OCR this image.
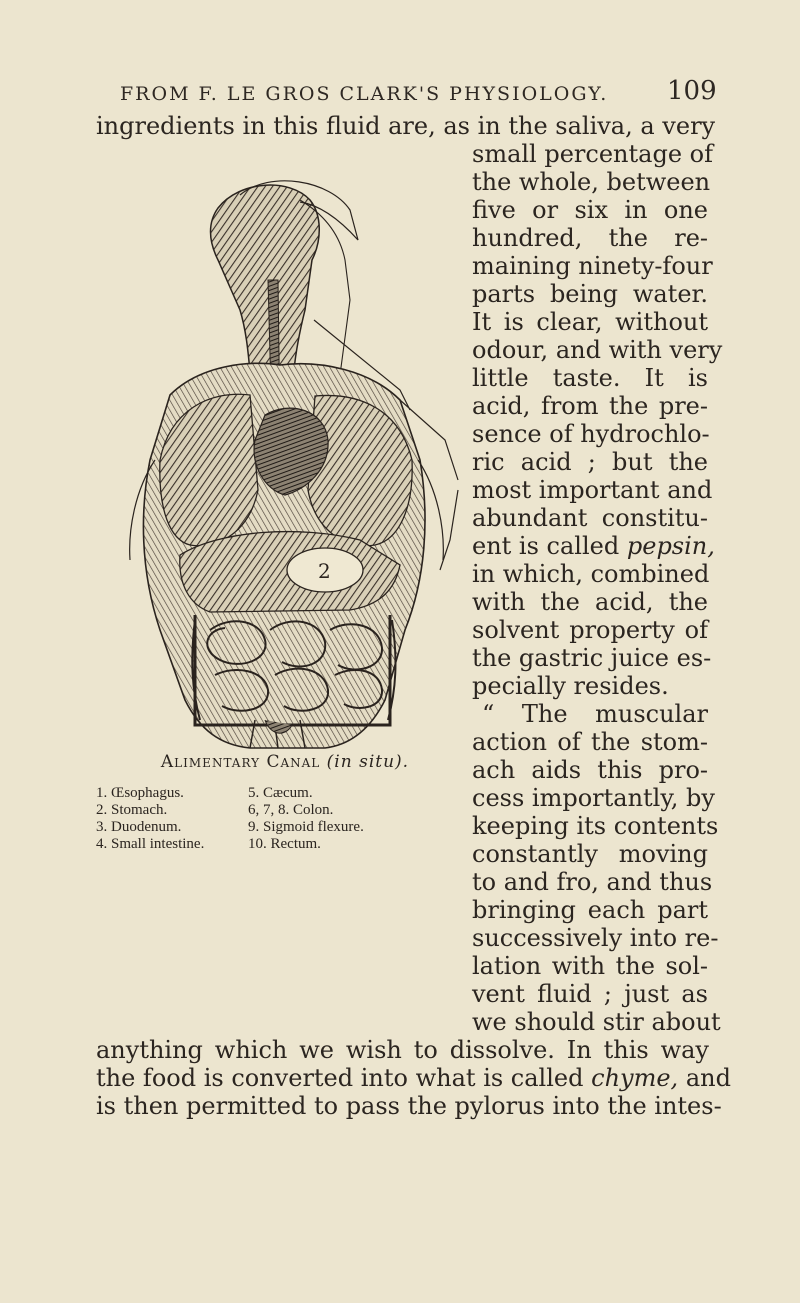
FROM F. LE GROS CLARK'S PHYSIOLOGY.	109
ingredients in this fluid are, as in the saliva, a very
2
Alimentary Canal (in situ).
1. Œsophagus.	5. Cæcum.
2. Stomach.	6, 7, 8. Colon.
3. Duodenum.	9. Sigmoid flexure.
4. Small intestine.	10. Rectum.
small percentage of
the whole, between
five or six in one
hundred, the re-
maining ninety-four
parts being water.
It is clear, without
odour, and with very
little taste. It is
acid, from the pre-
sence of hydrochlo-
ric acid ; but the
most important and
abundant constitu-
ent is called pepsin,
in which, combined
with the acid, the
solvent property of
the gastric juice es-
pecially resides.
“ The muscular
action of the stom-
ach aids this pro-
cess importantly, by
keeping its contents
constantly moving
to and fro, and thus
bringing each part
successively into re-
lation with the sol-
vent fluid ; just as
we should stir about
anything which we wish to dissolve. In this way
the food is converted into what is called chyme, and
is then permitted to pass the pylorus into the intes-
